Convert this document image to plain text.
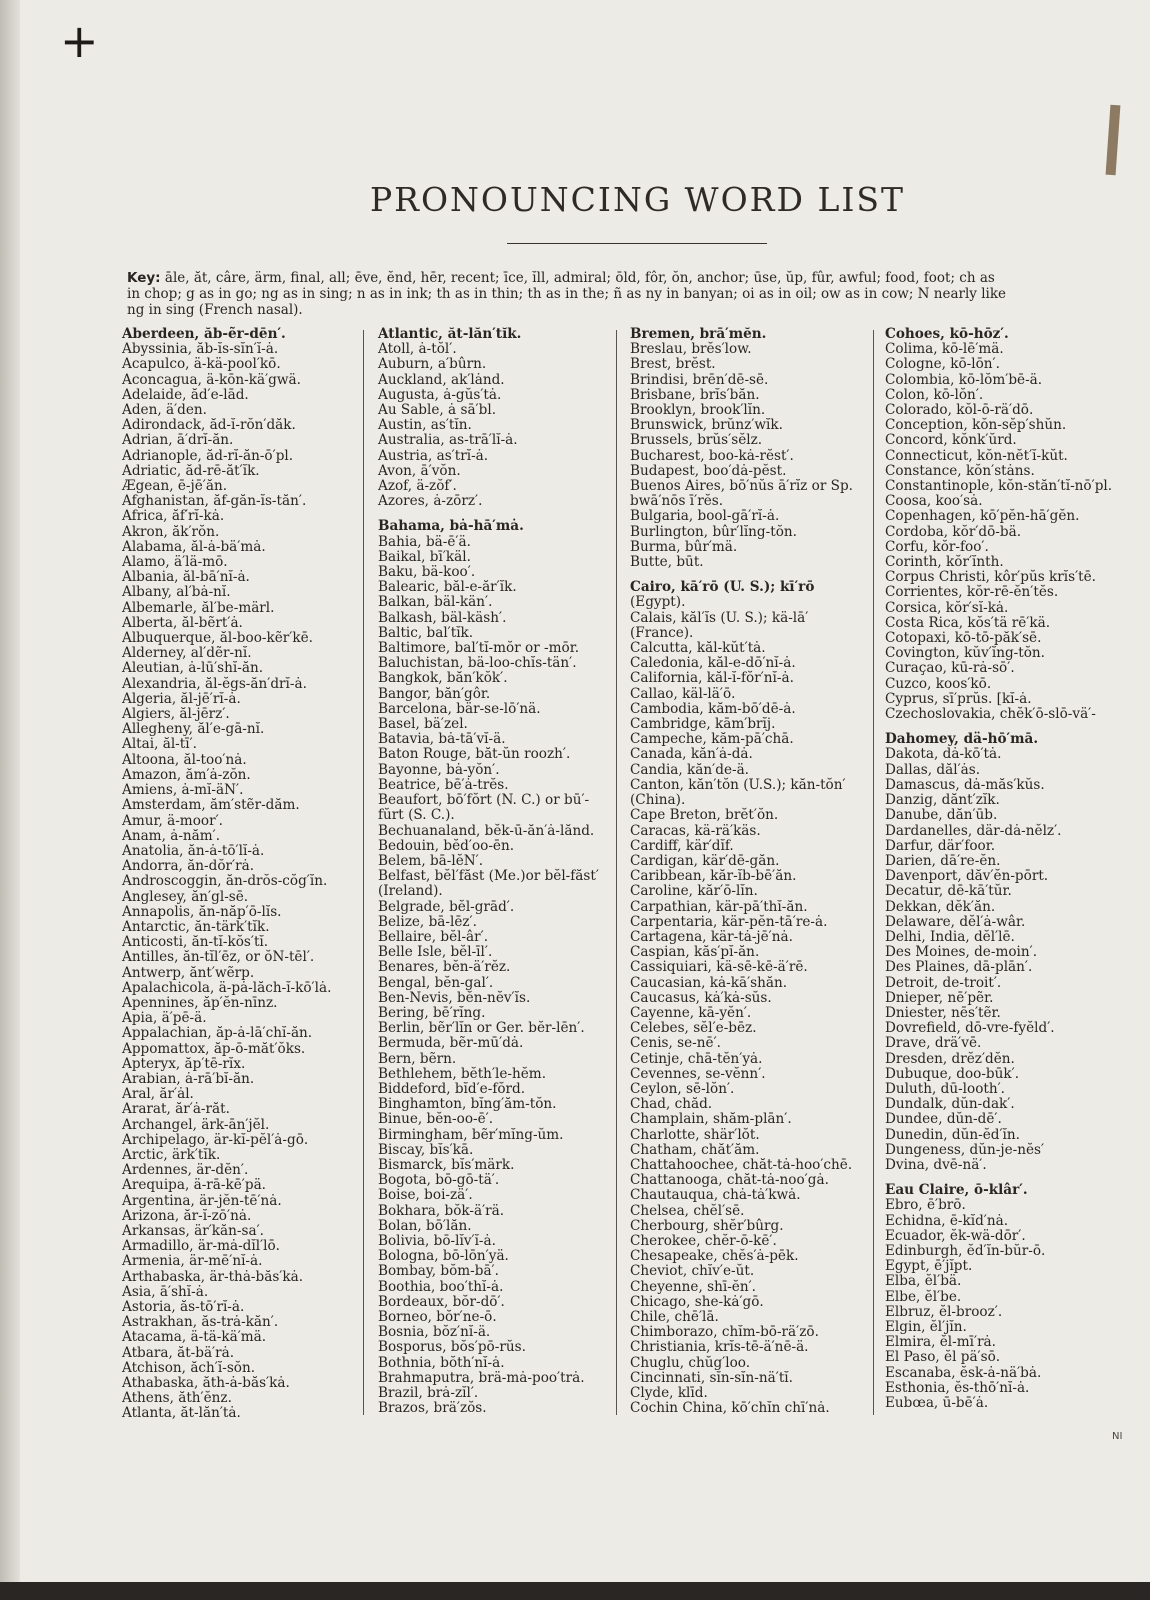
+
PRONOUNCING WORD LIST
Key: āle, ăt, câre, ärm, final, all; ēve, ĕnd, hēr, recent; īce, ĭll, admiral; ōld, fôr, ŏn, anchor; ūse, ŭp, fûr, awful; food, foot; ch as
in chop; g as in go; ng as in sing; n as in ink; th as in thin; th as in the; ñ as ny in banyan; oi as in oil; ow as in cow; N nearly like
ng in sing (French nasal).
Aberdeen, ăb-ẽr-dēn′.
Abyssinia, ăb-ĭs-sĭn′ĭ-ȧ.
Acapulco, ä-kä-pool′kō.
Aconcagua, ä-kōn-kä′gwä.
Adelaide, ăd′e-lād.
Aden, ä′den.
Adirondack, ăd-ĭ-rŏn′dăk.
Adrian, ā′drĭ-ăn.
Adrianople, ăd-rĭ-ăn-ō′pl.
Adriatic, ăd-rē-ăt′ĭk.
Ægean, ē-jē′ăn.
Afghanistan, ăf-găn-ĭs-tăn′.
Africa, ăf′rĭ-kȧ.
Akron, ăk′rŏn.
Alabama, ăl-ȧ-bä′mȧ.
Alamo, ä′lä-mō.
Albania, ăl-bā′nĭ-ȧ.
Albany, al′bȧ-nĭ.
Albemarle, ăl′be-märl.
Alberta, ăl-bẽrt′ȧ.
Albuquerque, ăl-boo-kẽr′kē.
Alderney, al′dẽr-nĭ.
Aleutian, ȧ-lū′shĭ-ăn.
Alexandria, ăl-ĕgs-ăn′drĭ-ȧ.
Algeria, ăl-jē′rĭ-ȧ.
Algiers, ăl-jērz′.
Allegheny, ăl′e-gā-nĭ.
Altai, ăl-tī′.
Altoona, ăl-too′nȧ.
Amazon, ăm′ȧ-zŏn.
Amiens, ȧ-mĭ-äN′.
Amsterdam, ăm′stẽr-dăm.
Amur, ä-moor′.
Anam, ȧ-năm′.
Anatolia, ăn-ȧ-tō′lĭ-ȧ.
Andorra, ăn-dŏr′rȧ.
Androscoggin, ăn-drŏs-cŏg′ĭn.
Anglesey, ăn′gl-sē.
Annapolis, ăn-năp′ō-lĭs.
Antarctic, ăn-tärk′tĭk.
Anticosti, ăn-tĭ-kŏs′tĭ.
Antilles, ăn-tĭl′ēz, or ŏN-tēl′.
Antwerp, ănt′wẽrp.
Apalachicola, ä-pȧ-lăch-ĭ-kō′lȧ.
Apennines, ăp′ĕn-nīnz.
Apia, ä′pē-ä.
Appalachian, ăp-ȧ-lā′chĭ-ăn.
Appomattox, ăp-ō-măt′ŏks.
Apteryx, ăp′tē-rĭx.
Arabian, ȧ-rā′bĭ-ăn.
Aral, ăr′ȧl.
Ararat, ăr′ȧ-răt.
Archangel, ärk-ān′jĕl.
Archipelago, är-kĭ-pĕl′ȧ-gō.
Arctic, ärk′tĭk.
Ardennes, är-dĕn′.
Arequipa, ä-rā-kē′pä.
Argentina, är-jĕn-tē′nȧ.
Arizona, ăr-ĭ-zō′nȧ.
Arkansas, är′kăn-sa′.
Armadillo, är-mȧ-dĭl′lō.
Armenia, är-mē′nĭ-ȧ.
Arthabaska, är-thȧ-băs′kȧ.
Asia, ā′shĭ-ȧ.
Astoria, ăs-tō′rĭ-ȧ.
Astrakhan, ăs-trȧ-kăn′.
Atacama, ä-tä-kä′mä.
Atbara, ăt-bä′rȧ.
Atchison, ăch′ĭ-sŏn.
Athabaska, ăth-ȧ-băs′kȧ.
Athens, ăth′ĕnz.
Atlanta, ăt-lăn′tȧ.
Atlantic, ăt-lăn′tĭk.
Atoll, ȧ-tŏl′.
Auburn, a′bûrn.
Auckland, ak′lȧnd.
Augusta, ȧ-gŭs′tȧ.
Au Sable, ȧ sā′bl.
Austin, as′tĭn.
Australia, as-trā′lĭ-ȧ.
Austria, as′trĭ-ȧ.
Avon, ā′vŏn.
Azof, ä-zŏf′.
Azores, ȧ-zōrz′.
Bahama, bȧ-hā′mȧ.
Bahia, bä-ē′ä.
Baikal, bī′käl.
Baku, bä-koo′.
Balearic, băl-e-ăr′ĭk.
Balkan, bäl-kän′.
Balkash, bäl-käsh′.
Baltic, bal′tĭk.
Baltimore, bal′tĭ-mŏr or -mōr.
Baluchistan, bä-loo-chĭs-tän′.
Bangkok, băn′kŏk′.
Bangor, băn′gôr.
Barcelona, bär-se-lō′nä.
Basel, bä′zel.
Batavia, bȧ-tā′vĭ-ä.
Baton Rouge, băt-ŭn roozh′.
Bayonne, bȧ-yŏn′.
Beatrice, bē′ȧ-trĕs.
Beaufort, bō′fŏrt (N. C.) or bū′-
fŭrt (S. C.).
Bechuanaland, bĕk-ū-ăn′ȧ-lănd.
Bedouin, bĕd′oo-ēn.
Belem, bā-lĕN′.
Belfast, bĕl′făst (Me.)or bĕl-făst′
(Ireland).
Belgrade, bĕl-grād′.
Belize, bā-lēz′.
Bellaire, bĕl-âr′.
Belle Isle, bĕl-īl′.
Benares, bĕn-ä′rĕz.
Bengal, bĕn-gal′.
Ben-Nevis, bĕn-nĕv′ĭs.
Bering, bē′rĭng.
Berlin, bẽr′lĭn or Ger. bĕr-lēn′.
Bermuda, bẽr-mū′dȧ.
Bern, bẽrn.
Bethlehem, bĕth′le-hĕm.
Biddeford, bĭd′e-fŏrd.
Binghamton, bĭng′ăm-tŏn.
Binue, bĕn-oo-ē′.
Birmingham, bẽr′mĭng-ŭm.
Biscay, bĭs′kā.
Bismarck, bĭs′märk.
Bogota, bō-gō-tä′.
Boise, boi-zä′.
Bokhara, bŏk-ä′rä.
Bolan, bō′lăn.
Bolivia, bō-lĭv′ĭ-ȧ.
Bologna, bō-lōn′yä.
Bombay, bŏm-bā′.
Boothia, boo′thĭ-ȧ.
Bordeaux, bŏr-dō′.
Borneo, bŏr′ne-ō.
Bosnia, bŏz′nĭ-ä.
Bosporus, bŏs′pō-rŭs.
Bothnia, bŏth′nĭ-ȧ.
Brahmaputra, brä-mȧ-poo′trȧ.
Brazil, brȧ-zĭl′.
Brazos, brä′zŏs.
Bremen, brā′mĕn.
Breslau, brĕs′low.
Brest, brĕst.
Brindisi, brēn′dē-sē.
Brisbane, brĭs′băn.
Brooklyn, brook′lĭn.
Brunswick, brŭnz′wĭk.
Brussels, brŭs′sĕlz.
Bucharest, boo-kȧ-rĕst′.
Budapest, boo′dȧ-pĕst.
Buenos Aires, bō′nŭs ā′rĭz or Sp.
bwā′nōs ī′rĕs.
Bulgaria, bool-gā′rĭ-ȧ.
Burlington, bûr′lĭng-tŏn.
Burma, bûr′mä.
Butte, būt.
Cairo, kā′rō (U. S.); kī′rō
(Egypt).
Calais, kăl′ĭs (U. S.); kä-lā′
(France).
Calcutta, kăl-kŭt′tȧ.
Caledonia, kăl-e-dō′nĭ-ȧ.
California, kăl-ĭ-fŏr′nĭ-ȧ.
Callao, käl-lä′ō.
Cambodia, kăm-bō′dē-ȧ.
Cambridge, kām′brĭj.
Campeche, kăm-pā′chā.
Canada, kăn′ȧ-dȧ.
Candia, kăn′de-ä.
Canton, kăn′tŏn (U.S.); kăn-tŏn′
(China).
Cape Breton, brĕt′ŏn.
Caracas, kä-rä′käs.
Cardiff, kär′dĭf.
Cardigan, kär′dē-găn.
Caribbean, kăr-ĭb-bē′ăn.
Caroline, kăr′ō-lĭn.
Carpathian, kär-pā′thĭ-ăn.
Carpentaria, kär-pĕn-tā′re-ȧ.
Cartagena, kär-tȧ-jē′nȧ.
Caspian, kăs′pĭ-ăn.
Cassiquiari, kä-sē-kē-ä′rē.
Caucasian, kȧ-kā′shăn.
Caucasus, kȧ′kȧ-sŭs.
Cayenne, kā-yĕn′.
Celebes, sĕl′e-bēz.
Cenis, se-nē′.
Cetinje, chā-tĕn′yȧ.
Cevennes, se-vĕnn′.
Ceylon, sē-lŏn′.
Chad, chăd.
Champlain, shăm-plān′.
Charlotte, shär′lŏt.
Chatham, chăt′ăm.
Chattahoochee, chăt-tȧ-hoo′chē.
Chattanooga, chăt-tȧ-noo′gȧ.
Chautauqua, chȧ-tȧ′kwȧ.
Chelsea, chĕl′sē.
Cherbourg, shĕr′bûrg.
Cherokee, chĕr-ō-kē′.
Chesapeake, chĕs′ȧ-pēk.
Cheviot, chĭv′e-ŭt.
Cheyenne, shī-ĕn′.
Chicago, she-kȧ′gō.
Chile, chē′lā.
Chimborazo, chĭm-bō-rä′zō.
Christiania, krĭs-tē-ä′nē-ä.
Chuglu, chŭg′loo.
Cincinnati, sĭn-sĭn-nä′tĭ.
Clyde, klīd.
Cochin China, kō′chĭn chī′nȧ.
Cohoes, kō-hōz′.
Colima, kō-lē′mä.
Cologne, kō-lōn′.
Colombia, kō-lŏm′bē-ä.
Colon, kō-lŏn′.
Colorado, kŏl-ō-rä′dō.
Conception, kŏn-sĕp′shŭn.
Concord, kŏnk′ŭrd.
Connecticut, kŏn-nĕt′ĭ-kŭt.
Constance, kŏn′stȧns.
Constantinople, kŏn-stăn′tĭ-nō′pl.
Coosa, koo′sȧ.
Copenhagen, kō′pĕn-hā′gĕn.
Cordoba, kŏr′dō-bä.
Corfu, kŏr-foo′.
Corinth, kŏr′ĭnth.
Corpus Christi, kôr′pŭs krĭs′tē.
Corrientes, kŏr-rē-ĕn′tĕs.
Corsica, kŏr′sĭ-kȧ.
Costa Rica, kŏs′tä rē′kä.
Cotopaxi, kō-tō-păk′sē.
Covington, kŭv′ĭng-tŏn.
Curaçao, kū-rȧ-sō′.
Cuzco, koos′kō.
Cyprus, sī′prŭs. [kĭ-ȧ.
Czechoslovakia, chĕk′ō-slō-vä′-
Dahomey, dä-hō′mā.
Dakota, dȧ-kō′tȧ.
Dallas, dăl′ȧs.
Damascus, dȧ-măs′kŭs.
Danzig, dănt′zĭk.
Danube, dăn′ūb.
Dardanelles, där-dȧ-nĕlz′.
Darfur, där′foor.
Darien, dā′re-ĕn.
Davenport, dăv′ĕn-pōrt.
Decatur, dē-kā′tŭr.
Dekkan, dĕk′ăn.
Delaware, dĕl′ȧ-wâr.
Delhi, India, dĕl′lē.
Des Moines, de-moin′.
Des Plaines, dā-plān′.
Detroit, de-troit′.
Dnieper, nē′pẽr.
Dniester, nēs′tẽr.
Dovrefield, dō-vre-fyĕld′.
Drave, drä′vē.
Dresden, drĕz′dĕn.
Dubuque, doo-būk′.
Duluth, dū-looth′.
Dundalk, dŭn-dak′.
Dundee, dŭn-dē′.
Dunedin, dŭn-ĕd′ĭn.
Dungeness, dŭn-je-nĕs′
Dvina, dvē-nä′.
Eau Claire, ō-klâr′.
Ebro, ē′brō.
Echidna, ē-kĭd′nȧ.
Ecuador, ĕk-wä-dōr′.
Edinburgh, ĕd′ĭn-bŭr-ō.
Egypt, ē′jĭpt.
Elba, ĕl′bä.
Elbe, ĕl′be.
Elbruz, ĕl-brooz′.
Elgin, ĕl′jĭn.
Elmira, ĕl-mī′rȧ.
El Paso, ĕl pä′sō.
Escanaba, ĕsk-ȧ-nä′bȧ.
Esthonia, ĕs-thō′nĭ-ȧ.
Eubœa, ū-bē′ȧ.
NI
